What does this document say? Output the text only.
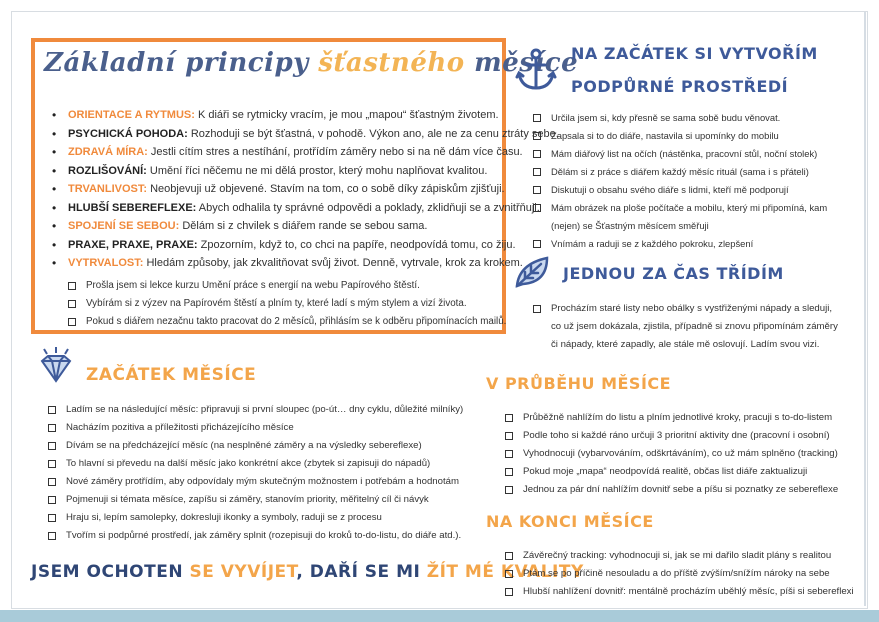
Základní principy šťastného měsíce
• ORIENTACE A RYTMUS: K diáři se rytmicky vracím, je mou „mapou“ šťastným životem.
• PSYCHICKÁ POHODA: Rozhoduji se být šťastná, v pohodě. Výkon ano, ale ne za cenu ztráty sebe.
• ZDRAVÁ MÍRA: Jestli cítím stres a nestíhání, protřídím záměry nebo si na ně dám více času.
• ROZLIŠOVÁNÍ: Umění říci něčemu ne mi dělá prostor, který mohu naplňovat kvalitou.
• TRVANLIVOST: Neobjevuji už objevené. Stavím na tom, co o sobě díky zápiskům zjišťuji.
• HLUBŠÍ SEBEREFLEXE: Abych odhalila ty správné odpovědi a poklady, zklidňuji se a zvnitřňuji.
• SPOJENÍ SE SEBOU: Dělám si z chvilek s diářem rande se sebou sama.
• PRAXE, PRAXE, PRAXE: Zpozorním, když to, co chci na papíře, neodpovídá tomu, co žiju.
• VYTRVALOST: Hledám způsoby, jak zkvalitňovat svůj život. Denně, vytrvale, krok za krokem.
Prošla jsem si lekce kurzu Umění práce s energií na webu Papírového štěstí.
Vybírám si z výzev na Papírovém štěstí a plním ty, které ladí s mým stylem a vizí života.
Pokud s diářem nezačnu takto pracovat do 2 měsíců, přihlásím se k odběru připomínacích mailů.
ZAČÁTEK MĚSÍCE
Ladím se na následující měsíc: připravuji si první sloupec (po-út… dny cyklu, důležité milníky)
Nacházím pozitiva a příležitosti přicházejícího měsíce
Dívám se na předcházející měsíc (na nesplněné záměry a na výsledky sebereflexe)
To hlavní si převedu na další měsíc jako konkrétní akce (zbytek si zapisuji do nápadů)
Nové záměry protřídím, aby odpovídaly mým skutečným možnostem i potřebám a hodnotám
Pojmenuji si témata měsíce, zapíšu si záměry, stanovím priority, měřitelný cíl či návyk
Hraju si, lepím samolepky, dokresluji ikonky a symboly, raduji se z procesu
Tvořím si podpůrné prostředí, jak záměry splnit (rozepisuji do kroků to-do-listu, do diáře atd.).
JSEM OCHOTEN SE VYVÍJET, DAŘÍ SE MI ŽÍT MÉ KVALITY
NA ZAČÁTEK SI VYTVOŘÍM
PODPŮRNÉ PROSTŘEDÍ
Určila jsem si, kdy přesně se sama sobě budu věnovat.
Zapsala si to do diáře, nastavila si upomínky do mobilu
Mám diářový list na očích (nástěnka, pracovní stůl, noční stolek)
Dělám si z práce s diářem každý měsíc rituál (sama i s přáteli)
Diskutuji o obsahu svého diáře s lidmi, kteří mě podporují
Mám obrázek na ploše počítače a mobilu, který mi připomíná, kam
(nejen) se Šťastným měsícem směřuji
Vnímám a raduji se z každého pokroku, zlepšení
JEDNOU ZA ČAS TŘÍDÍM
Procházím staré listy nebo obálky s vystřiženými nápady a sleduji,
co už jsem dokázala, zjistila, případně si znovu připomínám záměry
či nápady, které zapadly, ale stále mě oslovují. Ladím svou vizi.
V PRŮBĚHU MĚSÍCE
Průběžně nahlížím do listu a plním jednotlivé kroky, pracuji s to-do-listem
Podle toho si každé ráno určuji 3 prioritní aktivity dne (pracovní i osobní)
Vyhodnocuji (vybarvováním, odškrtáváním), co už mám splněno (tracking)
Pokud moje „mapa“ neodpovídá realitě, občas list diáře zaktualizuji
Jednou za pár dní nahlížím dovnitř sebe a píšu si poznatky ze sebereflexe
NA KONCI MĚSÍCE
Závěrečný tracking: vyhodnocuji si, jak se mi dařilo sladit plány s realitou
Ptám se po příčině nesouladu a do příště zvýším/snížím nároky na sebe
Hlubší nahlížení dovnitř: mentálně procházím uběhlý měsíc, píši si sebereflexi
